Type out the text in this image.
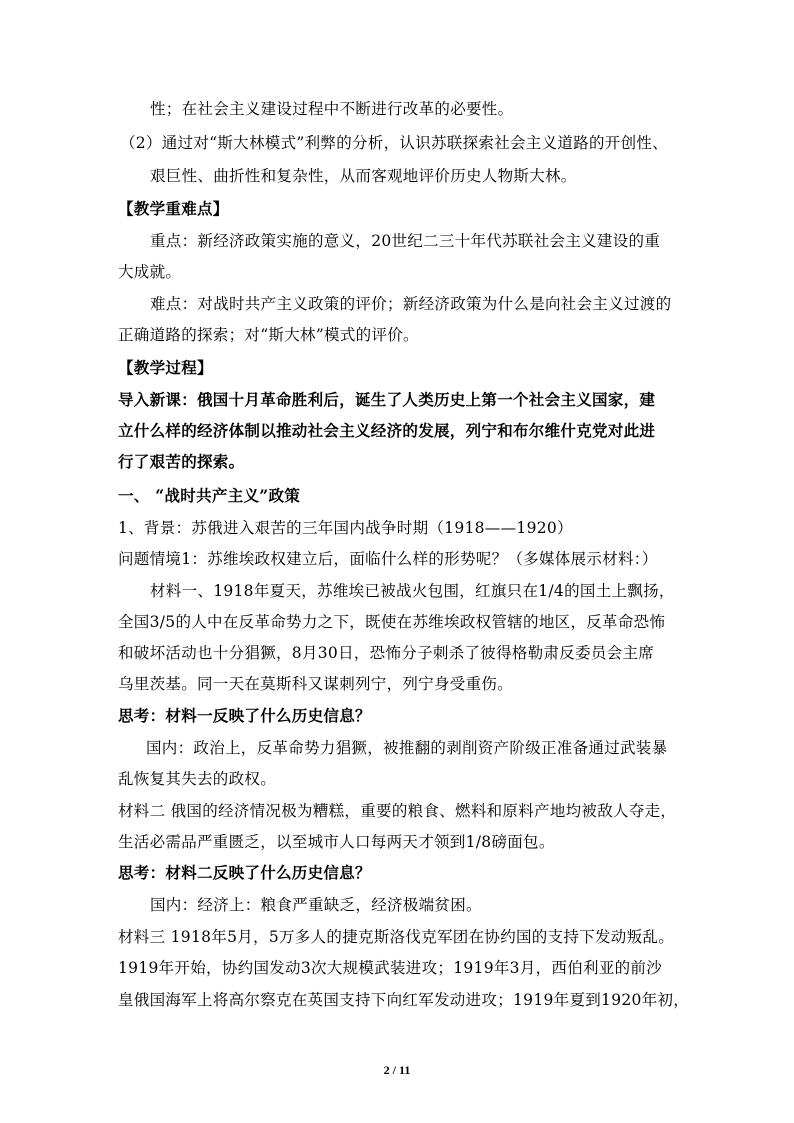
性；在社会主义建设过程中不断进行改革的必要性。
（2）通过对“斯大林模式”利弊的分析，认识苏联探索社会主义道路的开创性、
艰巨性、曲折性和复杂性，从而客观地评价历史人物斯大林。
【教学重难点】
重点：新经济政策实施的意义，20世纪二三十年代苏联社会主义建设的重
大成就。
难点：对战时共产主义政策的评价；新经济政策为什么是向社会主义过渡的
正确道路的探索；对“斯大林”模式的评价。
【教学过程】
导入新课：俄国十月革命胜利后，诞生了人类历史上第一个社会主义国家，建
立什么样的经济体制以推动社会主义经济的发展，列宁和布尔维什克党对此进
行了艰苦的探索。
一、 “战时共产主义”政策
1、背景：苏俄进入艰苦的三年国内战争时期（1918——1920）
问题情境1：苏维埃政权建立后，面临什么样的形势呢？（多媒体展示材料：）
材料一、1918年夏天，苏维埃已被战火包围，红旗只在1/4的国土上飘扬，
全国3/5的人中在反革命势力之下，既使在苏维埃政权管辖的地区，反革命恐怖
和破坏活动也十分猖獗，8月30日，恐怖分子刺杀了彼得格勒肃反委员会主席
乌里茨基。同一天在莫斯科又谋刺列宁，列宁身受重伤。
思考：材料一反映了什么历史信息？
国内：政治上，反革命势力猖獗，被推翻的剥削资产阶级正准备通过武装暴
乱恢复其失去的政权。
材料二 俄国的经济情况极为糟糕，重要的粮食、燃料和原料产地均被敌人夺走，
生活必需品严重匮乏，以至城市人口每两天才领到1/8磅面包。
思考：材料二反映了什么历史信息？
国内：经济上：粮食严重缺乏，经济极端贫困。
材料三 1918年5月，5万多人的捷克斯洛伐克军团在协约国的支持下发动叛乱。
1919年开始，协约国发动3次大规模武装进攻；1919年3月，西伯利亚的前沙
皇俄国海军上将高尔察克在英国支持下向红军发动进攻；1919年夏到1920年初，
2 / 11
